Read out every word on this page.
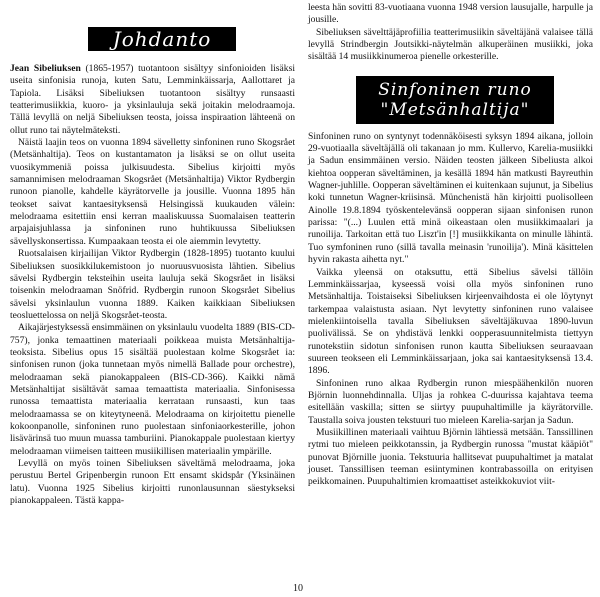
Johdanto

Jean Sibeliuksen (1865-1957) tuotantoon sisältyy sinfonioiden lisäksi useita sinfonisia runoja, kuten Satu, Lemminkäissarja, Aallottaret ja Tapiola. Lisäksi Sibeliuksen tuotantoon sisältyy runsaasti teatterimusiikkia, kuoro- ja yksinlauluja sekä joitakin melodraamoja. Tällä levyllä on neljä Sibeliuksen teosta, joissa inspiraation lähteenä on ollut runo tai näytelmäteksti.

Näistä laajin teos on vuonna 1894 sävelletty sinfoninen runo Skogsrået (Metsänhaltija). Teos on kustantamaton ja lisäksi se on ollut useita vuosikymmeniä poissa julkisuudesta. Sibelius kirjoitti myös samannimisen melodraaman Skogsrået (Metsänhaltija) Viktor Rydbergin runoon pianolle, kahdelle käyrätorvelle ja jousille. Vuonna 1895 hän teokset saivat kantaesityksensä Helsingissä kuukauden välein: melodraama esitettiin ensi kerran maaliskuussa Suomalaisen teatterin arpajaisjuhlassa ja sinfoninen runo huhtikuussa Sibeliuksen sävellyskonsertissa. Kumpaakaan teosta ei ole aiemmin levytetty.

Ruotsalaisen kirjailijan Viktor Rydbergin (1828-1895) tuotanto kuului Sibeliuksen suosikkilukemistoon jo nuoruusvuosista lähtien. Sibelius sävelsi Rydbergin teksteihin useita lauluja sekä Skogsrået in lisäksi toisenkin melodraaman Snöfrid. Rydbergin runoon Skogsrået Sibelius sävelsi yksinlaulun vuonna 1889. Kaiken kaikkiaan Sibeliuksen teosluettelossa on neljä Skogsrået-teosta.

Aikajärjestyksessä ensimmäinen on yksinlaulu vuodelta 1889 (BIS-CD-757), jonka temaattinen materiaali poikkeaa muista Metsänhaltija-teoksista. Sibelius opus 15 sisältää puolestaan kolme Skogsrået ia: sinfonisen runon (joka tunnetaan myös nimellä Ballade pour orchestre), melodraaman sekä pianokappaleen (BIS-CD-366). Kaikki nämä Metsänhaltijat sisältävät samaa temaattista materiaalia. Sinfonisessa runossa temaattista materiaalia kerrataan runsaasti, kun taas melodraamassa se on kiteytyneenä. Melodraama on kirjoitettu pienelle kokoonpanolle, sinfoninen runo puolestaan sinfoniaorkesterille, johon lisävärinsä tuo muun muassa tamburiini. Pianokappale puolestaan kiertyy melodraaman viimeisen taitteen musiikillisen materiaalin ympärille.

Levyllä on myös toinen Sibeliuksen säveltämä melodraama, joka perustuu Bertel Gripenbergin runoon Ett ensamt skidspår (Yksinäinen latu). Vuonna 1925 Sibelius kirjoitti runonlausunnan säestykseksi pianokappaleen. Tästä kappa-

leesta hän sovitti 83-vuotiaana vuonna 1948 version lausujalle, harpulle ja jousille.

Sibeliuksen sävelttäjäprofiilia teatterimusiikin säveltäjänä valaisee tällä levyllä Strindbergin Joutsikki-näytelmän alkuperäinen musiikki, joka sisältää 14 musiikkinumeroa pienelle orkesterille.

Sinfoninen runo
"Metsänhaltija"

Sinfoninen runo on syntynyt todennäköisesti syksyn 1894 aikana, jolloin 29-vuotiaalla säveltäjällä oli takanaan jo mm. Kullervo, Karelia-musiikki ja Sadun ensimmäinen versio. Näiden teosten jälkeen Sibeliusta alkoi kiehtoa oopperan säveltäminen, ja kesällä 1894 hän matkusti Bayreuthin Wagner-juhlille. Oopperan säveltäminen ei kuitenkaan sujunut, ja Sibelius koki tunnetun Wagner-kriisinsä. Münchenistä hän kirjoitti puolisolleen Ainolle 19.8.1894 työskentelevänsä oopperan sijaan sinfonisen runon parissa: "(...) Luulen että minä oikeastaan olen musiikkimaalari ja runoilija. Tarkoitan että tuo Liszt'in [!] musiikkikanta on minulle lähintä. Tuo symfoninen runo (sillä tavalla meinasin 'runoilija'). Minä käsittelen hyvin rakasta aihetta nyt."

Vaikka yleensä on otaksuttu, että Sibelius sävelsi tällöin Lemminkäissarjaa, kyseessä voisi olla myös sinfoninen runo Metsänhaltija. Toistaiseksi Sibeliuksen kirjeenvaihdosta ei ole löytynyt tarkempaa valaistusta asiaan. Nyt levytetty sinfoninen runo valaisee mielenkiintoisella tavalla Sibeliuksen säveltäjäkuvaa 1890-luvun puolivälissä. Se on yhdistävä lenkki oopperasuunnitelmista tiettyyn runotekstiin sidotun sinfonisen runon kautta Sibeliuksen seuraavaan suureen teokseen eli Lemminkäissarjaan, joka sai kantaesityksensä 13.4. 1896.

Sinfoninen runo alkaa Rydbergin runon miespäähenkilön nuoren Björnin luonnehdinnalla. Uljas ja rohkea C-duurissa kajahtava teema esitellään vaskilla; sitten se siirtyy puupuhaltimille ja käyrätorville. Taustalla soiva jousten tekstuuri tuo mieleen Karelia-sarjan ja Sadun.

Musiikillinen materiaali vaihtuu Björnin lähtiessä metsään. Tanssillinen rytmi tuo mieleen peikkotanssin, ja Rydbergin runossa "mustat kääpiöt" punovat Björnille juonia. Tekstuuria hallitsevat puupuhaltimet ja matalat jouset. Tanssillisen teeman esiintyminen kontrabassoilla on erityisen peikkomainen. Puupuhaltimien kromaattiset asteikkokuviot viit-

10
